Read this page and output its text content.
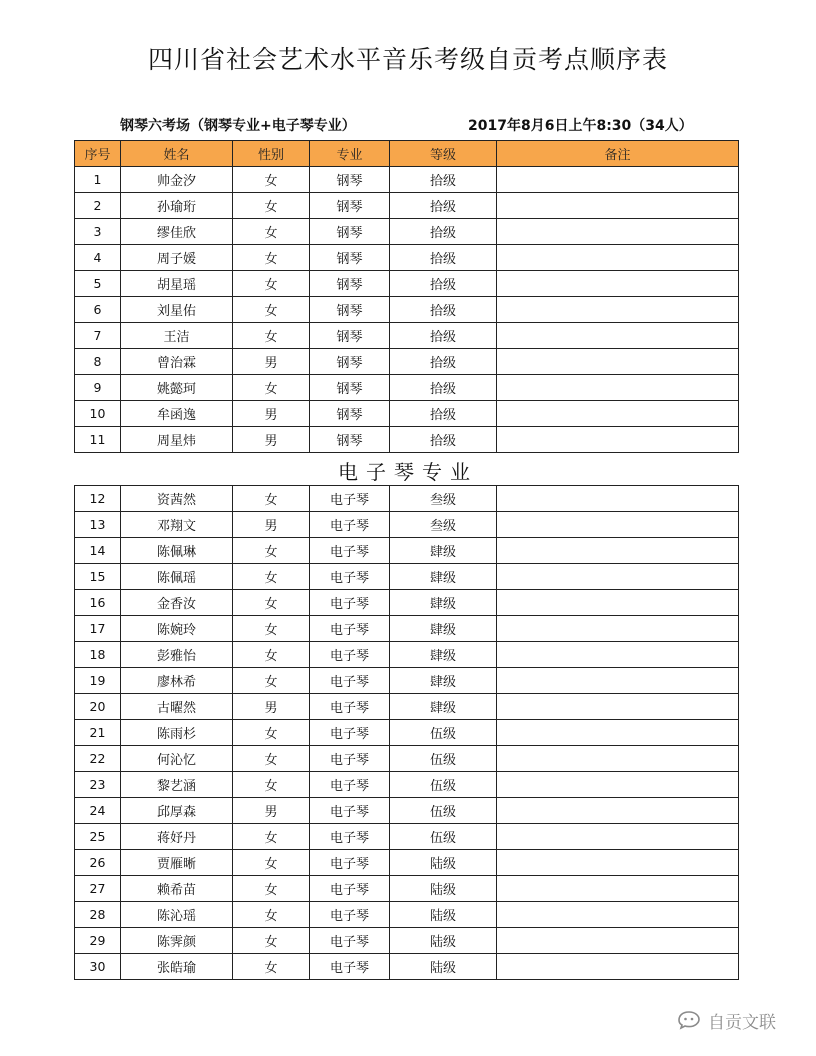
四川省社会艺术水平音乐考级自贡考点顺序表
钢琴六考场（钢琴专业+电子琴专业）	2017年8月6日上午8:30（34人）
序号	姓名	性别	专业	等级	备注
1	帅金汐	女	钢琴	拾级	
2	孙瑜珩	女	钢琴	拾级	
3	缪佳欣	女	钢琴	拾级	
4	周子媛	女	钢琴	拾级	
5	胡星瑶	女	钢琴	拾级	
6	刘星佑	女	钢琴	拾级	
7	王洁	女	钢琴	拾级	
8	曾治霖	男	钢琴	拾级	
9	姚懿珂	女	钢琴	拾级	
10	牟函逸	男	钢琴	拾级	
11	周星炜	男	钢琴	拾级	
电子琴专业
12	资茜然	女	电子琴	叁级	
13	邓翔文	男	电子琴	叁级	
14	陈佩琳	女	电子琴	肆级	
15	陈佩瑶	女	电子琴	肆级	
16	金香汝	女	电子琴	肆级	
17	陈婉玲	女	电子琴	肆级	
18	彭雅怡	女	电子琴	肆级	
19	廖林希	女	电子琴	肆级	
20	古曜然	男	电子琴	肆级	
21	陈雨杉	女	电子琴	伍级	
22	何沁忆	女	电子琴	伍级	
23	黎艺涵	女	电子琴	伍级	
24	邱厚森	男	电子琴	伍级	
25	蒋妤丹	女	电子琴	伍级	
26	贾雁晰	女	电子琴	陆级	
27	赖希苗	女	电子琴	陆级	
28	陈沁瑶	女	电子琴	陆级	
29	陈霁颜	女	电子琴	陆级	
30	张皓瑜	女	电子琴	陆级	
自贡文联
